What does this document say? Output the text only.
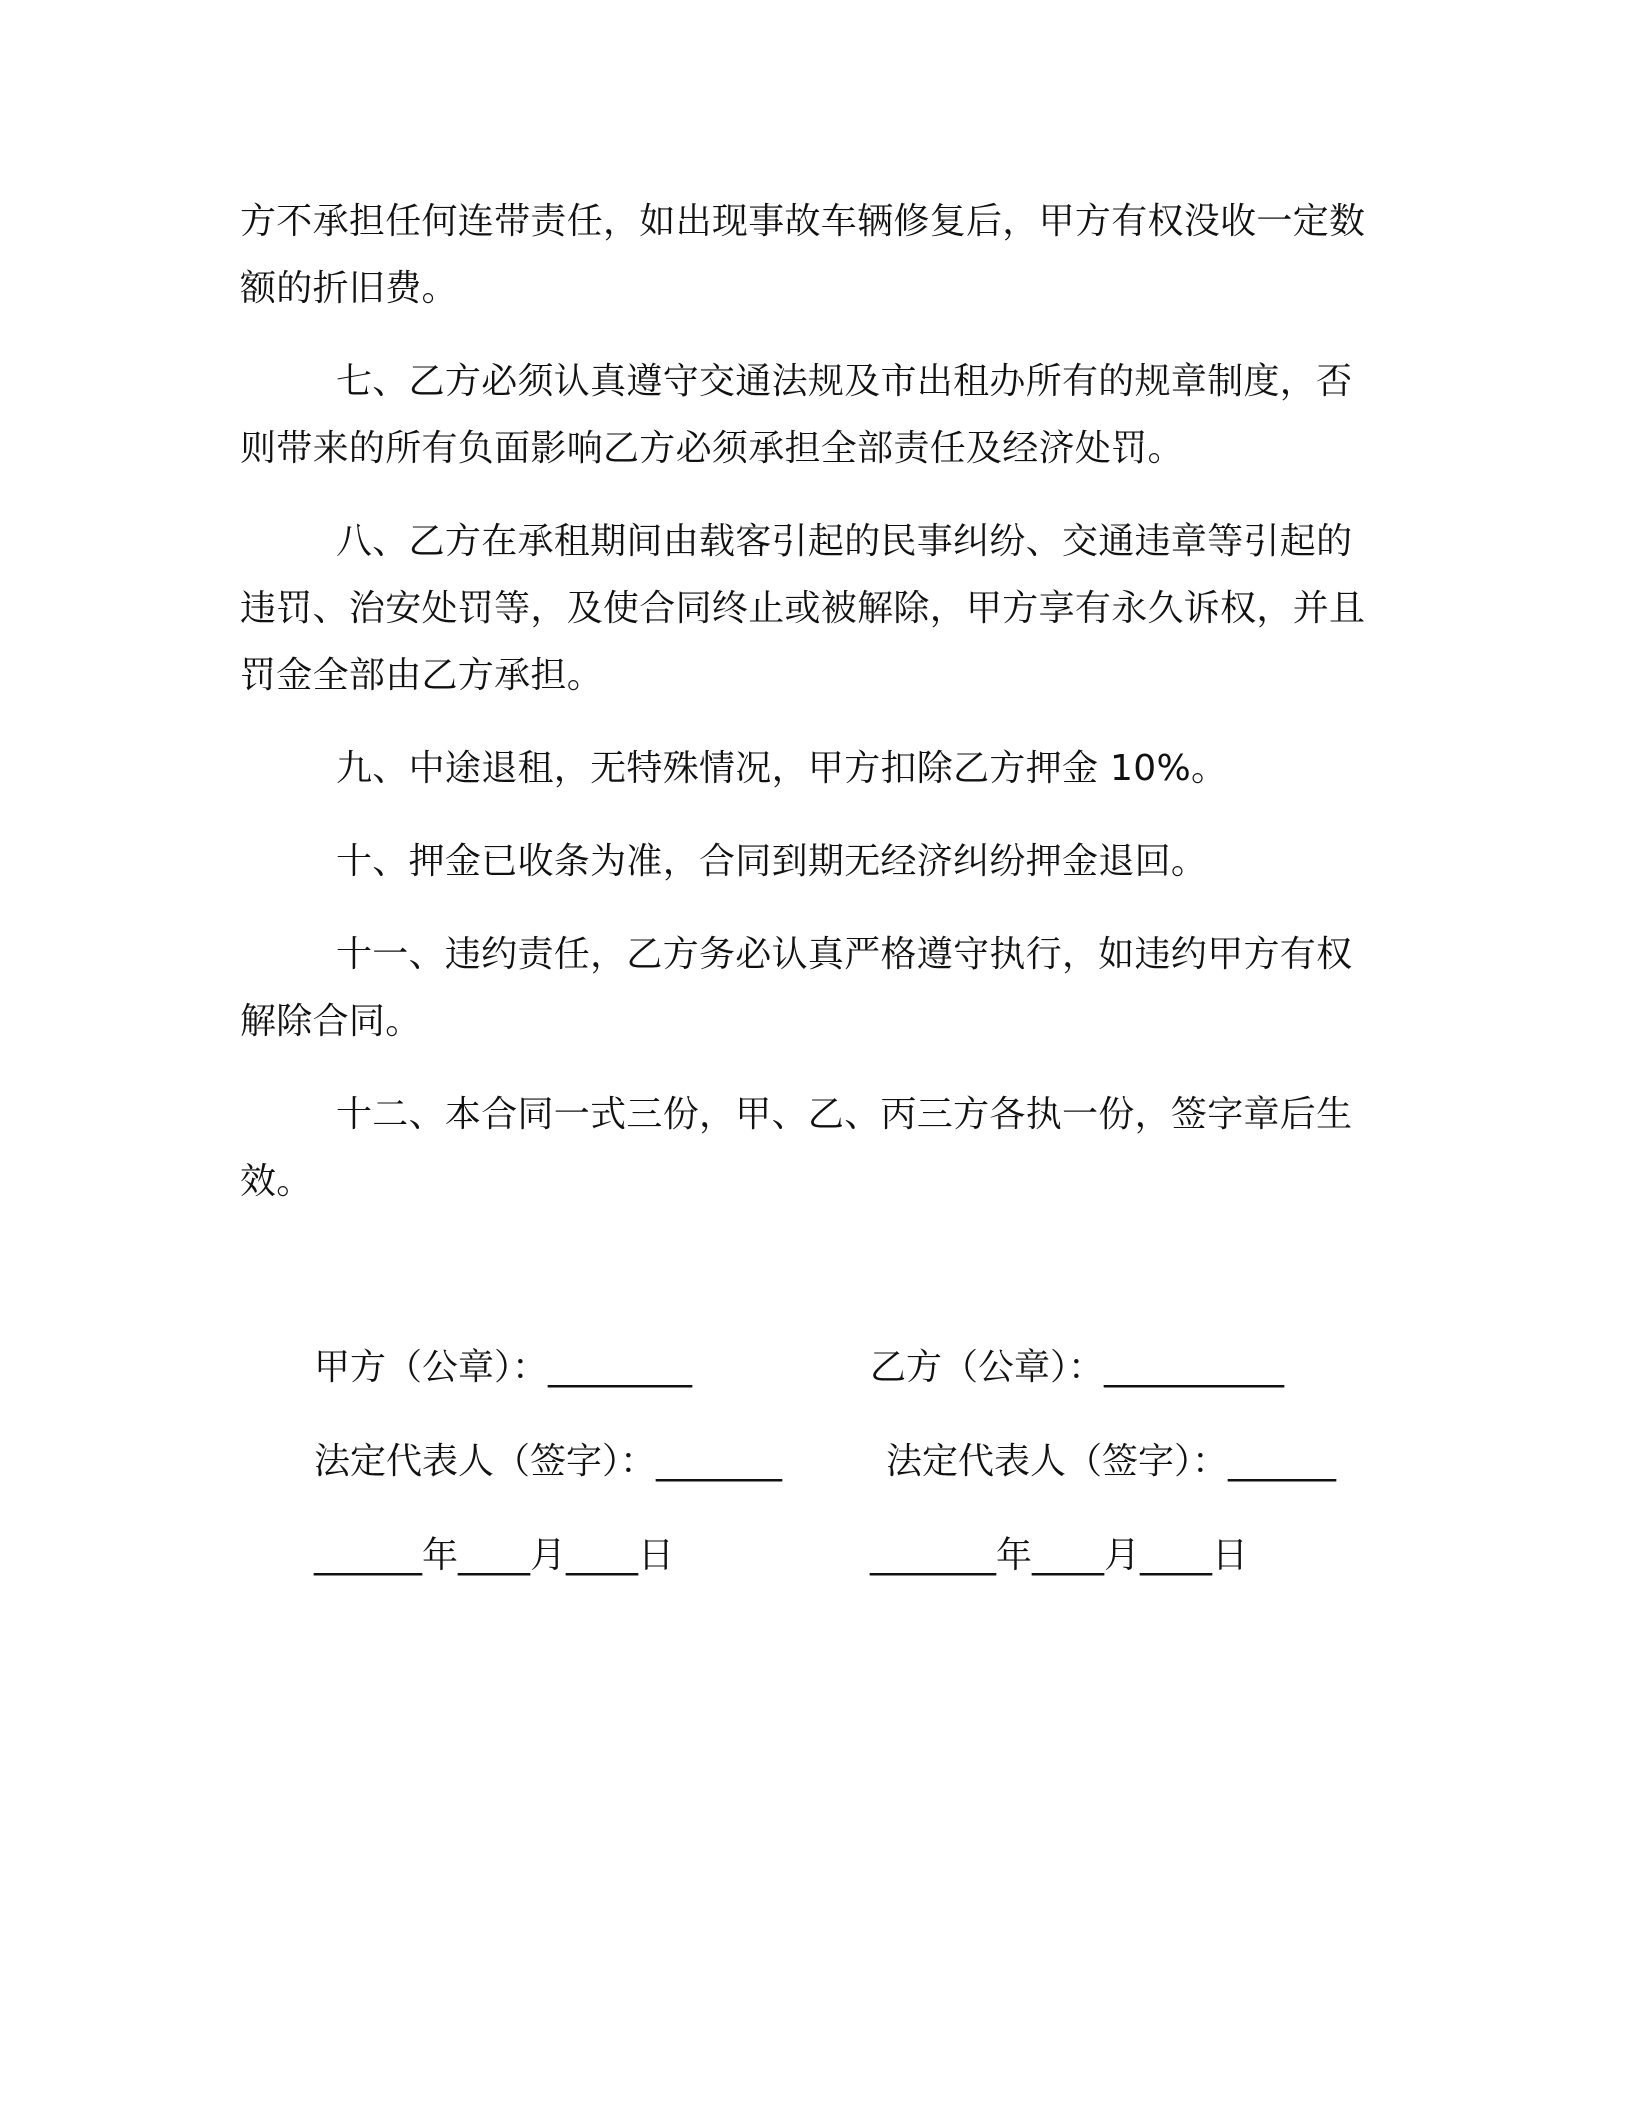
方不承担任何连带责任，如出现事故车辆修复后，甲方有权没收一定数额的折旧费。

七、乙方必须认真遵守交通法规及市出租办所有的规章制度，否则带来的所有负面影响乙方必须承担全部责任及经济处罚。

八、乙方在承租期间由载客引起的民事纠纷、交通违章等引起的违罚、治安处罚等，及使合同终止或被解除，甲方享有永久诉权，并且罚金全部由乙方承担。

九、中途退租，无特殊情况，甲方扣除乙方押金 10%。

十、押金已收条为准，合同到期无经济纠纷押金退回。

十一、违约责任，乙方务必认真严格遵守执行，如违约甲方有权解除合同。

十二、本合同一式三份，甲、乙、丙三方各执一份，签字章后生效。

甲方（公章）：________	乙方（公章）：__________
法定代表人（签字）：_______	法定代表人（签字）：______
______年____月____日	_______年____月____日
